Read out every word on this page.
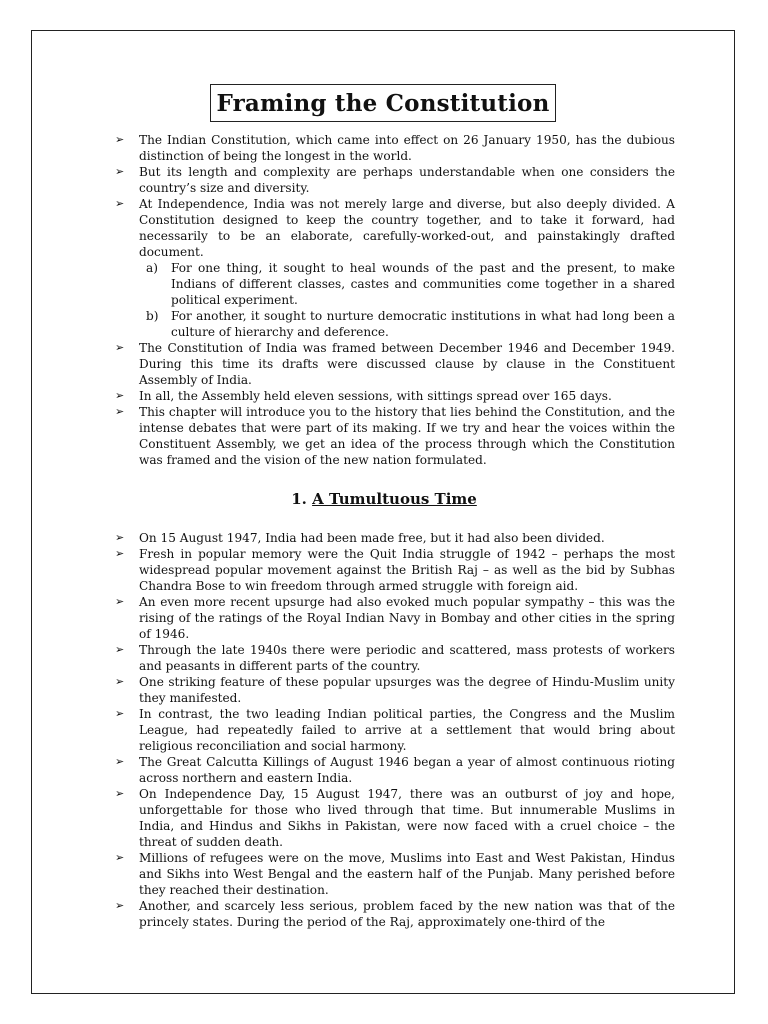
Framing the Constitution
➢ The Indian Constitution, which came into effect on 26 January 1950, has the dubious distinction of being the longest in the world.
➢ But its length and complexity are perhaps understandable when one considers the country’s size and diversity.
➢ At Independence, India was not merely large and diverse, but also deeply divided. A Constitution designed to keep the country together, and to take it forward, had necessarily to be an elaborate, carefully-worked-out, and painstakingly drafted document.
a) For one thing, it sought to heal wounds of the past and the present, to make Indians of different classes, castes and communities come together in a shared political experiment.
b) For another, it sought to nurture democratic institutions in what had long been a culture of hierarchy and deference.
➢ The Constitution of India was framed between December 1946 and December 1949. During this time its drafts were discussed clause by clause in the Constituent Assembly of India.
➢ In all, the Assembly held eleven sessions, with sittings spread over 165 days.
➢ This chapter will introduce you to the history that lies behind the Constitution, and the intense debates that were part of its making. If we try and hear the voices within the Constituent Assembly, we get an idea of the process through which the Constitution was framed and the vision of the new nation formulated.
1. A Tumultuous Time
➢ On 15 August 1947, India had been made free, but it had also been divided.
➢ Fresh in popular memory were the Quit India struggle of 1942 – perhaps the most widespread popular movement against the British Raj – as well as the bid by Subhas Chandra Bose to win freedom through armed struggle with foreign aid.
➢ An even more recent upsurge had also evoked much popular sympathy – this was the rising of the ratings of the Royal Indian Navy in Bombay and other cities in the spring of 1946.
➢ Through the late 1940s there were periodic and scattered, mass protests of workers and peasants in different parts of the country.
➢ One striking feature of these popular upsurges was the degree of Hindu-Muslim unity they manifested.
➢ In contrast, the two leading Indian political parties, the Congress and the Muslim League, had repeatedly failed to arrive at a settlement that would bring about religious reconciliation and social harmony.
➢ The Great Calcutta Killings of August 1946 began a year of almost continuous rioting across northern and eastern India.
➢ On Independence Day, 15 August 1947, there was an outburst of joy and hope, unforgettable for those who lived through that time. But innumerable Muslims in India, and Hindus and Sikhs in Pakistan, were now faced with a cruel choice – the threat of sudden death.
➢ Millions of refugees were on the move, Muslims into East and West Pakistan, Hindus and Sikhs into West Bengal and the eastern half of the Punjab. Many perished before they reached their destination.
➢ Another, and scarcely less serious, problem faced by the new nation was that of the princely states. During the period of the Raj, approximately one-third of the
